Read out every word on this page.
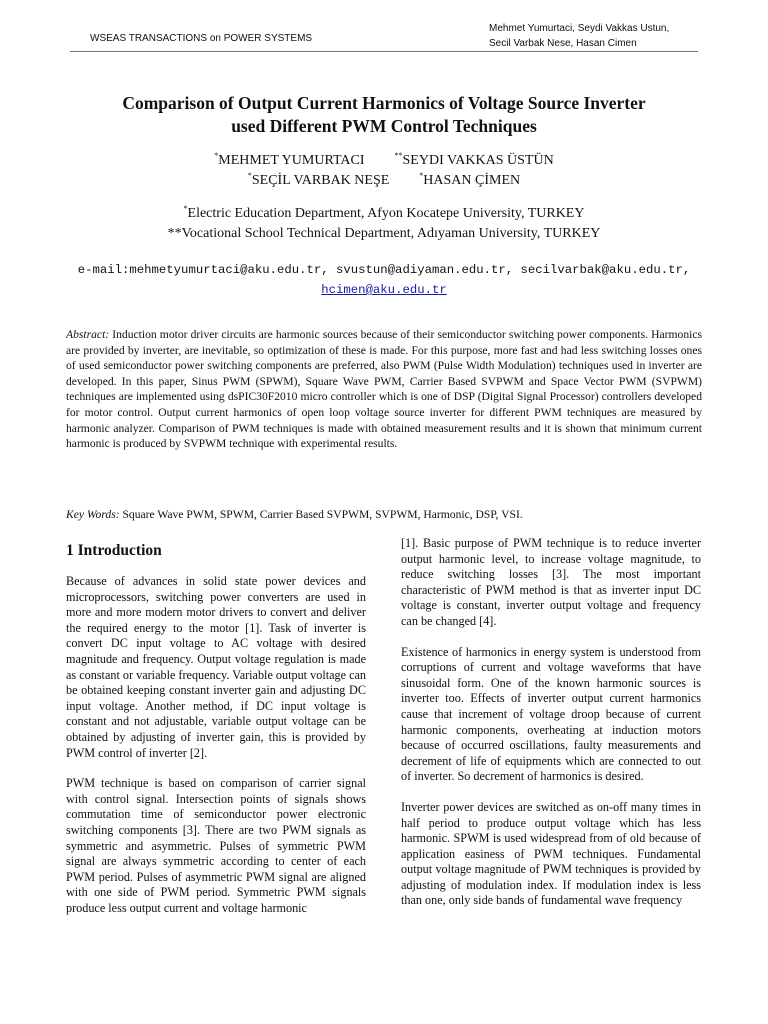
WSEAS TRANSACTIONS on POWER SYSTEMS
Mehmet Yumurtaci, Seydi Vakkas Ustun,
Secil Varbak Nese, Hasan Cimen
Comparison of Output Current Harmonics of Voltage Source Inverter
used Different PWM Control Techniques
*MEHMET YUMURTACI	**SEYDI VAKKAS ÜSTÜN
*SEÇİL VARBAK NEŞE	*HASAN ÇİMEN
*Electric Education Department, Afyon Kocatepe University, TURKEY
**Vocational School Technical Department, Adıyaman University, TURKEY
e-mail:mehmetyumurtaci@aku.edu.tr, svustun@adiyaman.edu.tr, secilvarbak@aku.edu.tr,
hcimen@aku.edu.tr
Abstract: Induction motor driver circuits are harmonic sources because of their semiconductor switching power components. Harmonics are provided by inverter, are inevitable, so optimization of these is made. For this purpose, more fast and had less switching losses ones of used semiconductor power switching components are preferred, also PWM (Pulse Width Modulation) techniques used in inverter are developed. In this paper, Sinus PWM (SPWM), Square Wave PWM, Carrier Based SVPWM and Space Vector PWM (SVPWM) techniques are implemented using dsPIC30F2010 micro controller which is one of DSP (Digital Signal Processor) controllers developed for motor control. Output current harmonics of open loop voltage source inverter for different PWM techniques are measured by harmonic analyzer. Comparison of PWM techniques is made with obtained measurement results and it is shown that minimum current harmonic is produced by SVPWM technique with experimental results.
Key Words: Square Wave PWM, SPWM, Carrier Based SVPWM, SVPWM, Harmonic, DSP, VSI.
1 Introduction

Because of advances in solid state power devices and microprocessors, switching power converters are used in more and more modern motor drivers to convert and deliver the required energy to the motor [1]. Task of inverter is convert DC input voltage to AC voltage with desired magnitude and frequency. Output voltage regulation is made as constant or variable frequency. Variable output voltage can be obtained keeping constant inverter gain and adjusting DC input voltage. Another method, if DC input voltage is constant and not adjustable, variable output voltage can be obtained by adjusting of inverter gain, this is provided by PWM control of inverter [2].

PWM technique is based on comparison of carrier signal with control signal. Intersection points of signals shows commutation time of semiconductor power electronic switching components [3]. There are two PWM signals as symmetric and asymmetric. Pulses of symmetric PWM signal are always symmetric according to center of each PWM period. Pulses of asymmetric PWM signal are aligned with one side of PWM period. Symmetric PWM signals produce less output current and voltage harmonic

[1]. Basic purpose of PWM technique is to reduce inverter output harmonic level, to increase voltage magnitude, to reduce switching losses [3]. The most important characteristic of PWM method is that as inverter input DC voltage is constant, inverter output voltage and frequency can be changed [4].

Existence of harmonics in energy system is understood from corruptions of current and voltage waveforms that have sinusoidal form. One of the known harmonic sources is inverter too. Effects of inverter output current harmonics cause that increment of voltage droop because of current harmonic components, overheating at induction motors because of occurred oscillations, faulty measurements and decrement of life of equipments which are connected to out of inverter. So decrement of harmonics is desired.

Inverter power devices are switched as on-off many times in half period to produce output voltage which has less harmonic. SPWM is used widespread from of old because of application easiness of PWM techniques. Fundamental output voltage magnitude of PWM techniques is provided by adjusting of modulation index. If modulation index is less than one, only side bands of fundamental wave frequency
